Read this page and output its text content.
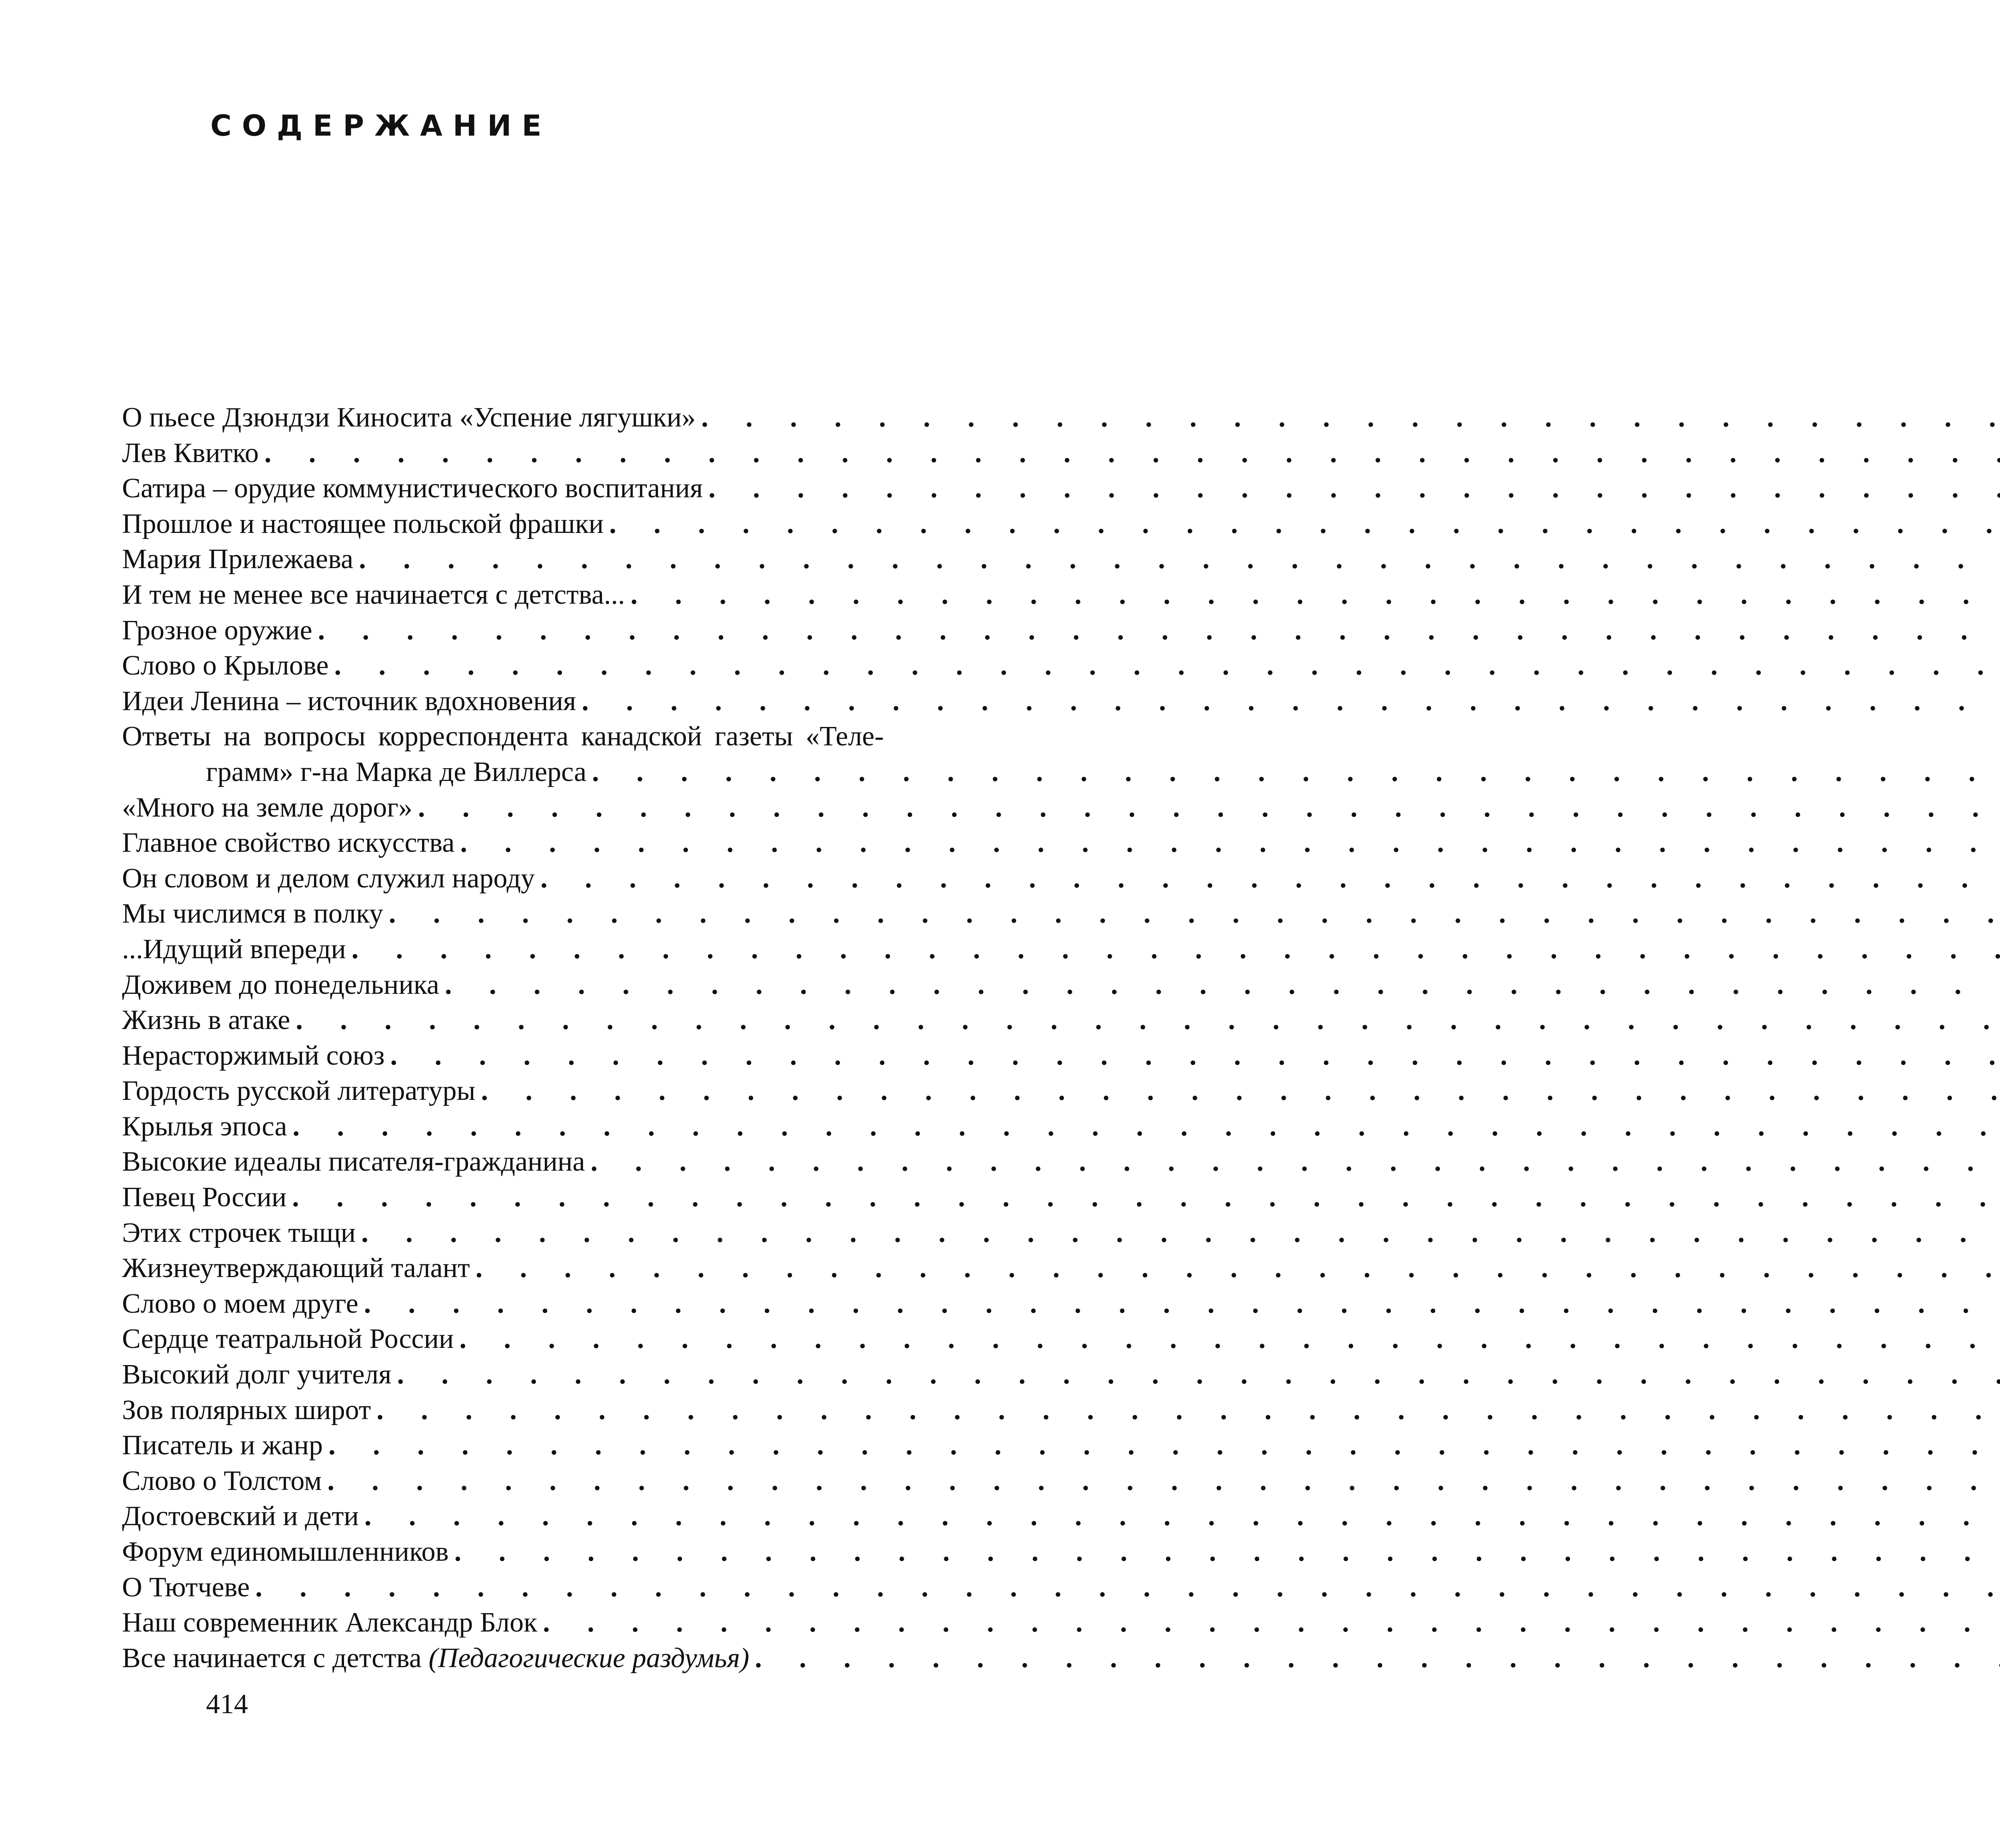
СОДЕРЖАНИЕ
О пьесе Дзюндзи Киносита «Успение лягушки»
. . .
Лев Квитко
. . .
Сатира – орудие коммунистического воспитания
. . .
Прошлое и настоящее польской фрашки
. . .
Мария Прилежаева
. . .
И тем не менее все начинается с детства...
. . .
Грозное оружие
. . .
Слово о Крылове
. . .
Идеи Ленина – источник вдохновения
. . .
Ответы на вопросы корреспондента канадской газеты «Теле-
грамм» г-на Марка де Виллерса
. . .
«Много на земле дорог»
. . .
Главное свойство искусства
. . .
Он словом и делом служил народу
. . .
Мы числимся в полку
. . .
...Идущий впереди
. . .
Доживем до понедельника
. . .
Жизнь в атаке
. . .
Нерасторжимый союз
. . .
Гордость русской литературы
. . .
Крылья эпоса
. . .
Высокие идеалы писателя-гражданина
. . .
Певец России
. . .
Этих строчек тыщи
. . .
Жизнеутверждающий талант
. . .
Слово о моем друге
. . .
Сердце театральной России
. . .
Высокий долг учителя
. . .
Зов полярных широт
. . .
Писатель и жанр
. . .
Слово о Толстом
. . .
Достоевский и дети
. . .
Форум единомышленников
. . .
О Тютчеве
. . .
Наш современник Александр Блок
. . .
Все начинается с детства (Педагогические раздумья)
. . .
414
